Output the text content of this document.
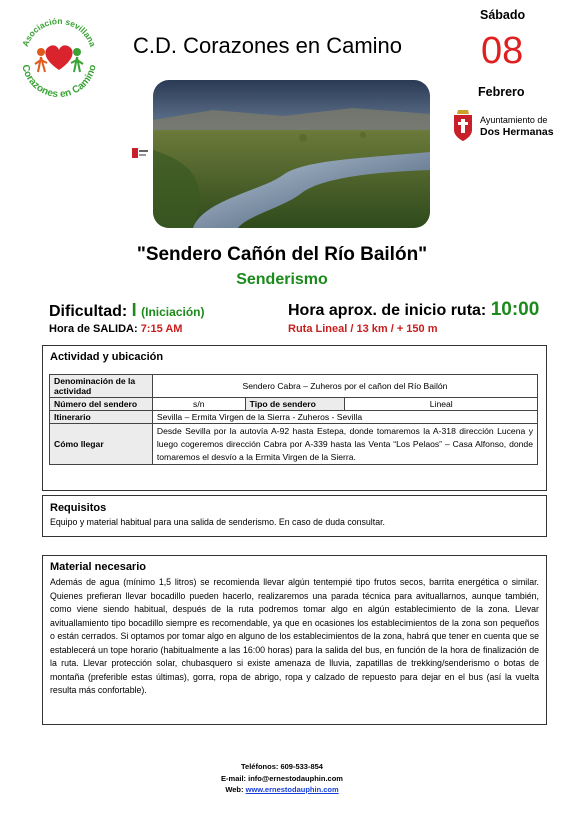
Asociación sevillana
Corazones en Camino
C.D. Corazones en Camino
Sábado
08
Febrero
Ayuntamiento de
Dos Hermanas
"Sendero Cañón del Río Bailón"
Senderismo
Dificultad: I (Iniciación)
Hora de SALIDA: 7:15 AM
Hora aprox. de inicio ruta: 10:00
Ruta Lineal / 13 km / + 150 m
Actividad y ubicación
Denominación de la actividad	Sendero Cabra – Zuheros por el cañon del Río Bailón		
Número del sendero	s/n	Tipo de sendero	Lineal
Itinerario	Sevilla – Ermita Virgen de la Sierra - Zuheros - Sevilla		
Cómo llegar	Desde Sevilla por la autovía A-92 hasta Estepa, donde tomaremos la A-318 dirección Lucena y luego cogeremos dirección Cabra por A-339 hasta las Venta “Los Pelaos” – Casa Alfonso, donde tomaremos el desvío a la Ermita Virgen de la Sierra.		
Requisitos
Equipo y material habitual para una salida de senderismo. En caso de duda consultar.
Material necesario
Además de agua (mínimo 1,5 litros) se recomienda llevar algún tentempié tipo frutos secos, barrita energética o similar. Quienes prefieran llevar bocadillo pueden hacerlo, realizaremos una parada técnica para avituallarnos, aunque también, como viene siendo habitual, después de la ruta podremos tomar algo en algún establecimiento de la zona. Llevar avituallamiento tipo bocadillo siempre es recomendable, ya que en ocasiones los establecimientos de la zona son pequeños o están cerrados. Si optamos por tomar algo en alguno de los establecimientos de la zona, habrá que tener en cuenta que se establecerá un tope horario (habitualmente a las 16:00 horas) para la salida del bus, en función de la hora de finalización de la ruta. Llevar protección solar, chubasquero si existe amenaza de lluvia, zapatillas de trekking/senderismo o botas de montaña (preferible estas últimas), gorra, ropa de abrigo, ropa y calzado de repuesto para dejar en el bus (así la vuelta resulta más confortable).
Teléfonos: 609-533-854
E-mail: info@ernestodauphin.com
Web: www.ernestodauphin.com
